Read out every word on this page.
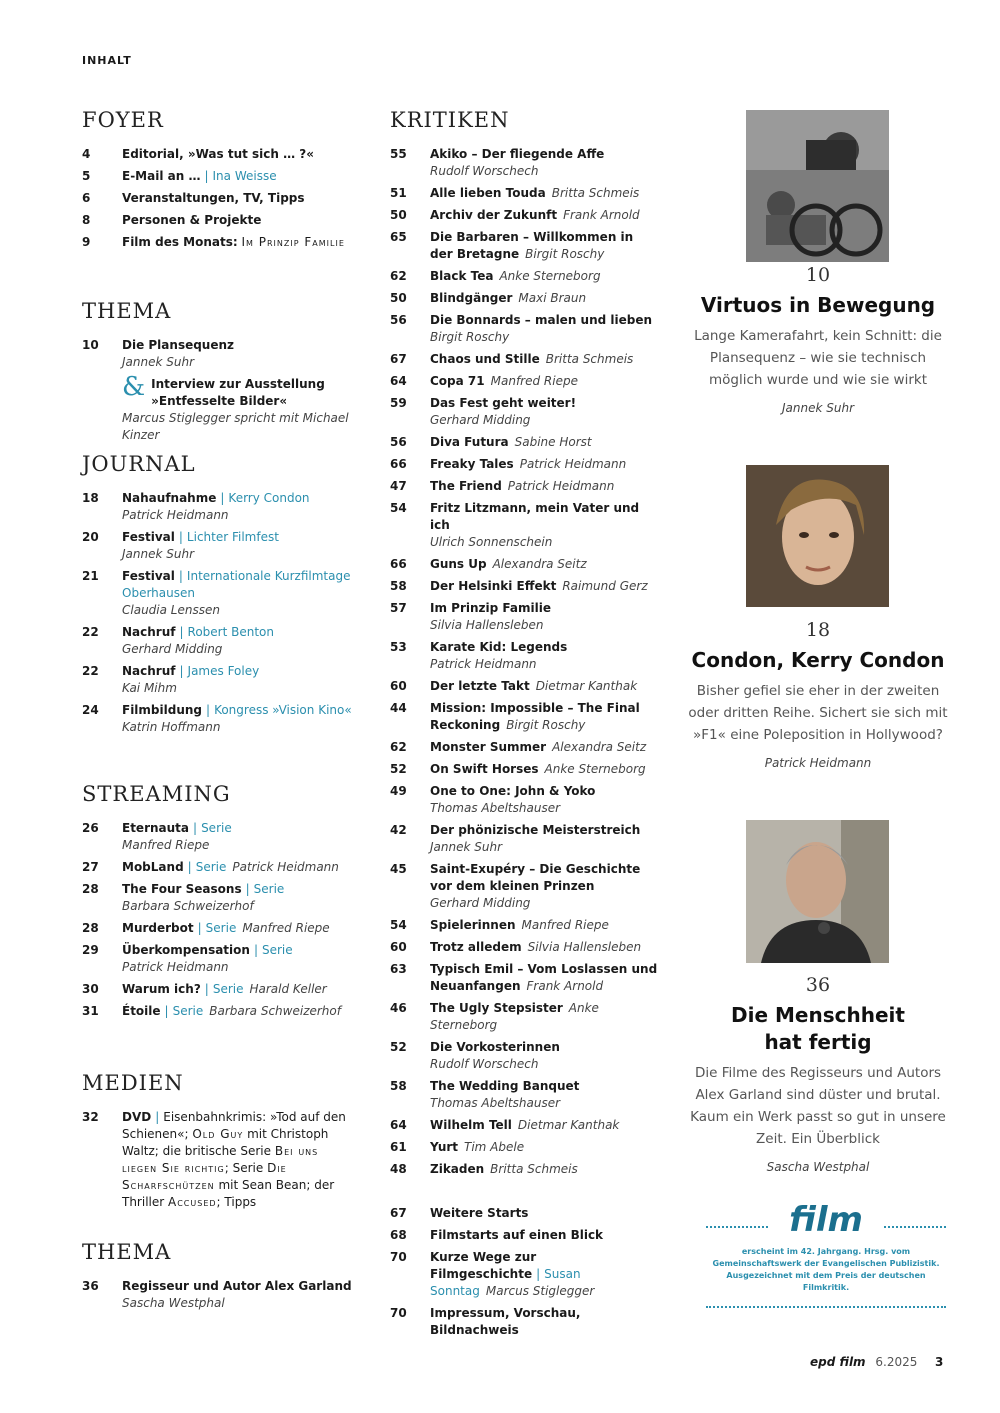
INHALT
FOYER
4	Editorial, »Was tut sich … ?«
5	E-Mail an … | Ina Weisse
6	Veranstaltungen, TV, Tipps
8	Personen & Projekte
9	Film des Monats: Im Prinzip Familie
THEMA
10	Die Plansequenz
Jannek Suhr
& Interview zur Ausstellung »Entfesselte Bilder«
Marcus Stiglegger spricht mit Michael Kinzer
JOURNAL
18	Nahaufnahme | Kerry Condon
Patrick Heidmann
20	Festival | Lichter Filmfest
Jannek Suhr
21	Festival | Internationale Kurzfilmtage Oberhausen
Claudia Lenssen
22	Nachruf | Robert Benton
Gerhard Midding
22	Nachruf | James Foley
Kai Mihm
24	Filmbildung | Kongress »Vision Kino«
Katrin Hoffmann
STREAMING
26	Eternauta | Serie
Manfred Riepe
27	MobLand | Serie Patrick Heidmann
28	The Four Seasons | Serie
Barbara Schweizerhof
28	Murderbot | Serie Manfred Riepe
29	Überkompensation | Serie
Patrick Heidmann
30	Warum ich? | Serie Harald Keller
31	Étoile | Serie Barbara Schweizerhof
MEDIEN
32	DVD | Eisenbahnkrimis: »Tod auf den Schienen«; Old Guy mit Christoph Waltz; die britische Serie Bei uns liegen Sie richtig; Serie Die Scharfschützen mit Sean Bean; der Thriller Accused; Tipps
THEMA
36	Regisseur und Autor Alex Garland
Sascha Westphal
KRITIKEN
55	Akiko – Der fliegende Affe
Rudolf Worschech
51	Alle lieben Touda Britta Schmeis
50	Archiv der Zukunft Frank Arnold
65	Die Barbaren – Willkommen in der Bretagne Birgit Roschy
62	Black Tea Anke Sterneborg
50	Blindgänger Maxi Braun
56	Die Bonnards – malen und lieben
Birgit Roschy
67	Chaos und Stille Britta Schmeis
64	Copa 71 Manfred Riepe
59	Das Fest geht weiter!
Gerhard Midding
56	Diva Futura Sabine Horst
66	Freaky Tales Patrick Heidmann
47	The Friend Patrick Heidmann
54	Fritz Litzmann, mein Vater und ich
Ulrich Sonnenschein
66	Guns Up Alexandra Seitz
58	Der Helsinki Effekt Raimund Gerz
57	Im Prinzip Familie
Silvia Hallensleben
53	Karate Kid: Legends
Patrick Heidmann
60	Der letzte Takt Dietmar Kanthak
44	Mission: Impossible – The Final Reckoning Birgit Roschy
62	Monster Summer Alexandra Seitz
52	On Swift Horses Anke Sterneborg
49	One to One: John & Yoko
Thomas Abeltshauser
42	Der phönizische Meisterstreich
Jannek Suhr
45	Saint-Exupéry – Die Geschichte vor dem kleinen Prinzen
Gerhard Midding
54	Spielerinnen Manfred Riepe
60	Trotz alledem Silvia Hallensleben
63	Typisch Emil – Vom Loslassen und Neuanfangen Frank Arnold
46	The Ugly Stepsister Anke Sterneborg
52	Die Vorkosterinnen
Rudolf Worschech
58	The Wedding Banquet
Thomas Abeltshauser
64	Wilhelm Tell Dietmar Kanthak
61	Yurt Tim Abele
48	Zikaden Britta Schmeis
67	Weitere Starts
68	Filmstarts auf einen Blick
70	Kurze Wege zur Filmgeschichte | Susan Sonntag Marcus Stiglegger
70	Impressum, Vorschau, Bildnachweis
10
Virtuos in Bewegung
Lange Kamerafahrt, kein Schnitt: die Plansequenz – wie sie technisch möglich wurde und wie sie wirkt
Jannek Suhr
18
Condon, Kerry Condon
Bisher gefiel sie eher in der zweiten oder dritten Reihe. Sichert sie sich mit »F1« eine Poleposition in Hollywood?
Patrick Heidmann
36
Die Menschheit hat fertig
Die Filme des Regisseurs und Autors Alex Garland sind düster und brutal. Kaum ein Werk passt so gut in unsere Zeit. Ein Überblick
Sascha Westphal
film
erscheint im 42. Jahrgang. Hrsg. vom Gemeinschaftswerk der Evangelischen Publizistik. Ausgezeichnet mit dem Preis der deutschen Filmkritik.
epd film 6.2025 3
